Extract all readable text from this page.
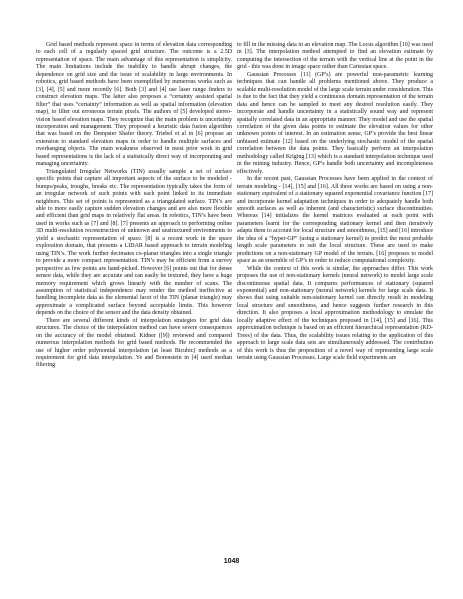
Grid based methods represent space in terms of elevation data corresponding to each cell of a regularly spaced grid structure. The outcome is a 2.5D representation of space. The main advantage of this representation is simplicity. The main limitations include the inability to handle abrupt changes, the dependence on grid size and the issue of scalability in large environments. In robotics, grid based methods have been exemplified by numerous works such as [3], [4], [5] and more recently [6]. Both [3] and [4] use laser range finders to construct elevation maps. The latter also proposes a “certainty assisted spatial filter” that uses “certainty” information as well as spatial information (elevation map), to filter out erroneous terrain pixels. The authors of [5] developed stereo-vision based elevation maps. They recognize that the main problem is uncertainty incorporation and management. They proposed a heuristic data fusion algorithm that was based on the Dempster Shafer theory. Triebel et al in [6] propose an extension to standard elevation maps in order to handle multiple surfaces and overhanging objects. The main weakness observed in most prior work in grid based representations is the lack of a statistically direct way of incorporating and managing uncertainty.

Triangulated Irregular Networks (TIN) usually sample a set of surface specific points that capture all important aspects of the surface to be modeled - bumps/peaks, troughs, breaks etc. The representation typically takes the form of an irregular network of such points with each point linked to its immediate neighbors. This set of points is represented as a triangulated surface. TIN’s are able to more easily capture sudden elevation changes and are also more flexible and efficient than grid maps in relatively flat areas. In robotics, TIN’s have been used in works such as [7] and [8]. [7] presents an approach to performing online 3D multi-resolution reconstruction of unknown and unstructured environments to yield a stochastic representation of space. [8] is a recent work in the space exploration domain, that presents a LIDAR based approach to terrain modeling using TIN’s. The work further decimates co-planar triangles into a single triangle to provide a more compact representation. TIN’s may be efficient from a survey perspective as few points are hand-picked. However [6] points out that for dense sensor data, while they are accurate and can easily be textured, they have a huge memory requirement which grows linearly with the number of scans. The assumption of statistical independence may render the method ineffective at handling incomplete data as the elemental facet of the TIN (planar triangle) may approximate a complicated surface beyond acceptable limits. This however depends on the choice of the sensor and the data density obtained.

There are several different kinds of interpolation strategies for grid data structures. The choice of the interpolation method can have severe consequences on the accuracy of the model obtained. Kidner ([9]) reviewed and compared numerous interpolation methods for grid based methods. He recommended the use of higher order polynomial interpolation (at least Bicubic) methods as a requirement for grid data interpolation. Ye and Borenstein in [4] used median filtering

to fill in the missing data in an elevation map. The Locus algorithm [10] was used in [3]. The interpolation method attempted to find an elevation estimate by computing the intersection of the terrain with the vertical line at the point in the grid - this was done in image space rather than Cartesian space.

Gaussian Processes [11] (GP’s) are powerful non-parametric learning techniques that can handle all problems mentioned above. They produce a scalable multi-resolution model of the large scale terrain under consideration. This is due to the fact that they yield a continuous domain representation of the terrain data and hence can be sampled to meet any desired resolution easily. They incorporate and handle uncertainty in a statistically sound way and represent spatially correlated data in an appropriate manner. They model and use the spatial correlation of the given data points to estimate the elevation values for other unknown points of interest. In an estimation sense, GP’s provide the best linear unbiased estimate [12] based on the underlying stochastic model of the spatial correlation between the data points. They basically perform an interpolation methodology called Kriging [13] which is a standard interpolation technique used in the mining industry. Hence, GP’s handle both uncertainty and incompleteness effectively.

In the recent past, Gaussian Processes have been applied in the context of terrain modeling - [14], [15] and [16]. All three works are based on using a non-stationary equivalent of a stationary squared exponential covariance function [17] and incorporate kernel adaptation techniques in order to adequately handle both smooth surfaces as well as inherent (and characteristic) surface discontinuities. Whereas [14] initializes the kernel matrices evaluated at each point with parameters learnt for the corresponding stationary kernel and then iteratively adapts them to account for local structure and smoothness, [15] and [16] introduce the idea of a “hyper-GP” (using a stationary kernel) to predict the most probable length scale parameters to suit the local structure. These are used to make predictions on a non-stationary GP model of the terrain. [16] proposes to model space as an ensemble of GP’s in order to reduce computational complexity.

While the context of this work is similar, the approaches differ. This work proposes the use of non-stationary kernels (neural network) to model large scale discontinuous spatial data. It compares performances of stationary (squared exponential) and non-stationary (neural network) kernels for large scale data. It shows that using suitable non-stationary kernel can directly result in modeling local structure and smoothness, and hence suggests further research in this direction. It also proposes a local approximation methodology to emulate the locally adaptive effect of the techniques proposed in [14], [15] and [16]. This approximation technique is based on an efficient hierarchical representation (KD-Trees) of the data. Thus, the scalability issues relating to the application of this approach to large scale data sets are simultaneously addressed. The contribution of this work is thus the proposition of a novel way of representing large scale terrain using Gaussian Processes. Large scale field experiments are

1048
